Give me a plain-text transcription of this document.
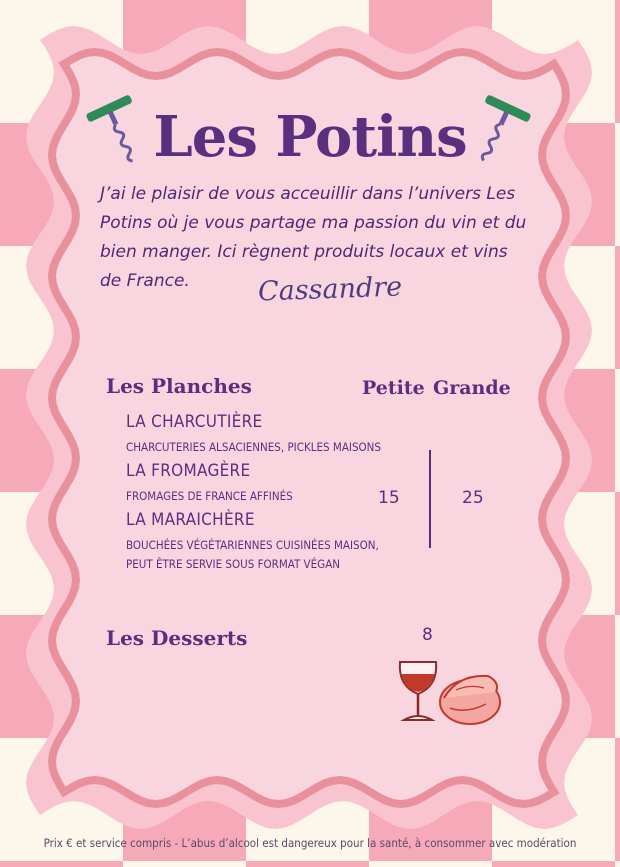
Les Potins
J’ai le plaisir de vous acceuillir dans l’univers Les
Potins où je vous partage ma passion du vin et du
bien manger. Ici règnent produits locaux et vins
de France.	Cassandre
Les Planches	Petite Grande
LA CHARCUTIÈRE
CHARCUTERIES ALSACIENNES, PICKLES MAISONS
LA FROMAGÈRE
FROMAGES DE FRANCE AFFINÉS
LA MARAICHÈRE
BOUCHÉES VÉGÉTARIENNES CUISINÉES MAISON,
PEUT ÊTRE SERVIE SOUS FORMAT VÉGAN
15	25
Les Desserts	8
Prix € et service compris - L’abus d’alcool est dangereux pour la santé, à consommer avec modération
